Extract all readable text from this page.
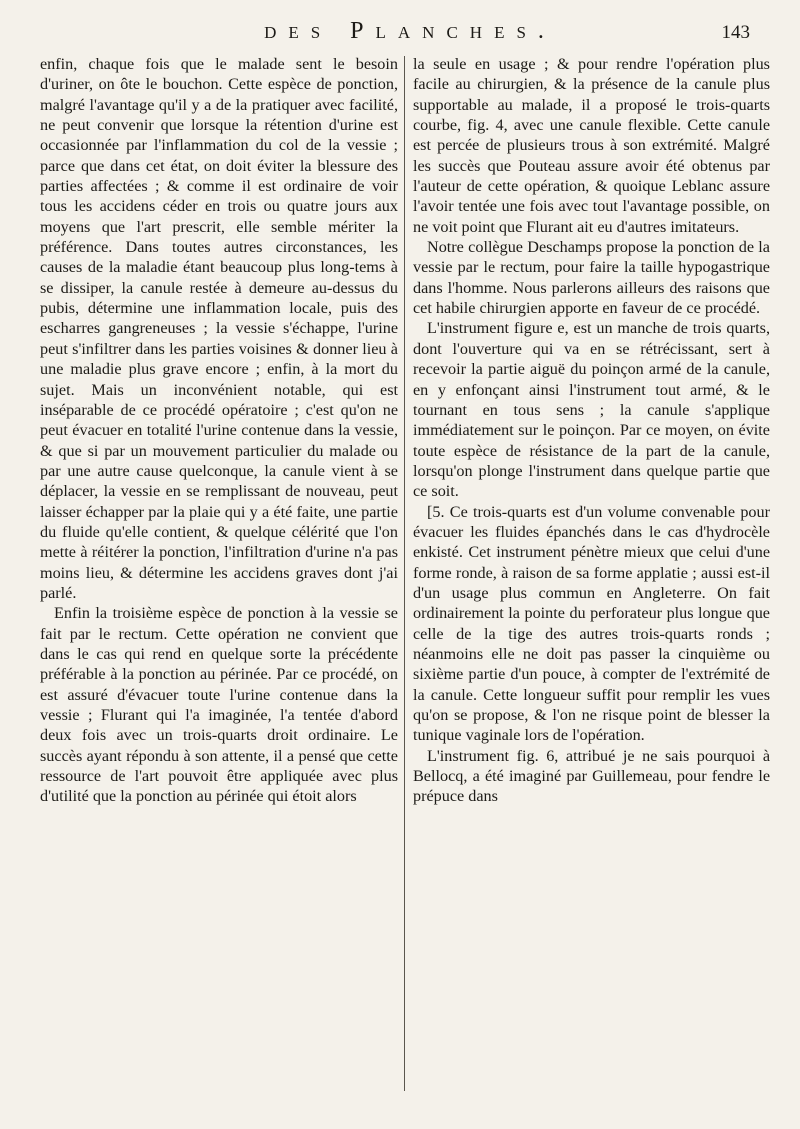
des Planches.	143

enfin, chaque fois que le malade sent le besoin d'uriner, on ôte le bouchon. Cette espèce de ponction, malgré l'avantage qu'il y a de la pratiquer avec facilité, ne peut convenir que lorsque la rétention d'urine est occasionnée par l'inflammation du col de la vessie ; parce que dans cet état, on doit éviter la blessure des parties affectées ; & comme il est ordinaire de voir tous les accidens céder en trois ou quatre jours aux moyens que l'art prescrit, elle semble mériter la préférence. Dans toutes autres circonstances, les causes de la maladie étant beaucoup plus long-tems à se dissiper, la canule restée à demeure au-dessus du pubis, détermine une inflammation locale, puis des escharres gangreneuses ; la vessie s'échappe, l'urine peut s'infiltrer dans les parties voisines & donner lieu à une maladie plus grave encore ; enfin, à la mort du sujet. Mais un inconvénient notable, qui est inséparable de ce procédé opératoire ; c'est qu'on ne peut évacuer en totalité l'urine contenue dans la vessie, & que si par un mouvement particulier du malade ou par une autre cause quelconque, la canule vient à se déplacer, la vessie en se remplissant de nouveau, peut laisser échapper par la plaie qui y a été faite, une partie du fluide qu'elle contient, & quelque célérité que l'on mette à réitérer la ponction, l'infiltration d'urine n'a pas moins lieu, & détermine les accidens graves dont j'ai parlé.

Enfin la troisième espèce de ponction à la vessie se fait par le rectum. Cette opération ne convient que dans le cas qui rend en quelque sorte la précédente préférable à la ponction au périnée. Par ce procédé, on est assuré d'évacuer toute l'urine contenue dans la vessie ; Flurant qui l'a imaginée, l'a tentée d'abord deux fois avec un trois-quarts droit ordinaire. Le succès ayant répondu à son attente, il a pensé que cette ressource de l'art pouvoit être appliquée avec plus d'utilité que la ponction au périnée qui étoit alors

la seule en usage ; & pour rendre l'opération plus facile au chirurgien, & la présence de la canule plus supportable au malade, il a proposé le trois-quarts courbe, fig. 4, avec une canule flexible. Cette canule est percée de plusieurs trous à son extrémité. Malgré les succès que Pouteau assure avoir été obtenus par l'auteur de cette opération, & quoique Leblanc assure l'avoir tentée une fois avec tout l'avantage possible, on ne voit point que Flurant ait eu d'autres imitateurs.

Notre collègue Deschamps propose la ponction de la vessie par le rectum, pour faire la taille hypogastrique dans l'homme. Nous parlerons ailleurs des raisons que cet habile chirurgien apporte en faveur de ce procédé.

L'instrument figure e, est un manche de trois quarts, dont l'ouverture qui va en se rétrécissant, sert à recevoir la partie aiguë du poinçon armé de la canule, en y enfonçant ainsi l'instrument tout armé, & le tournant en tous sens ; la canule s'applique immédiatement sur le poinçon. Par ce moyen, on évite toute espèce de résistance de la part de la canule, lorsqu'on plonge l'instrument dans quelque partie que ce soit.

[5. Ce trois-quarts est d'un volume convenable pour évacuer les fluides épanchés dans le cas d'hydrocèle enkisté. Cet instrument pénètre mieux que celui d'une forme ronde, à raison de sa forme applatie ; aussi est-il d'un usage plus commun en Angleterre. On fait ordinairement la pointe du perforateur plus longue que celle de la tige des autres trois-quarts ronds ; néanmoins elle ne doit pas passer la cinquième ou sixième partie d'un pouce, à compter de l'extrémité de la canule. Cette longueur suffit pour remplir les vues qu'on se propose, & l'on ne risque point de blesser la tunique vaginale lors de l'opération.

L'instrument fig. 6, attribué je ne sais pourquoi à Bellocq, a été imaginé par Guillemeau, pour fendre le prépuce dans
